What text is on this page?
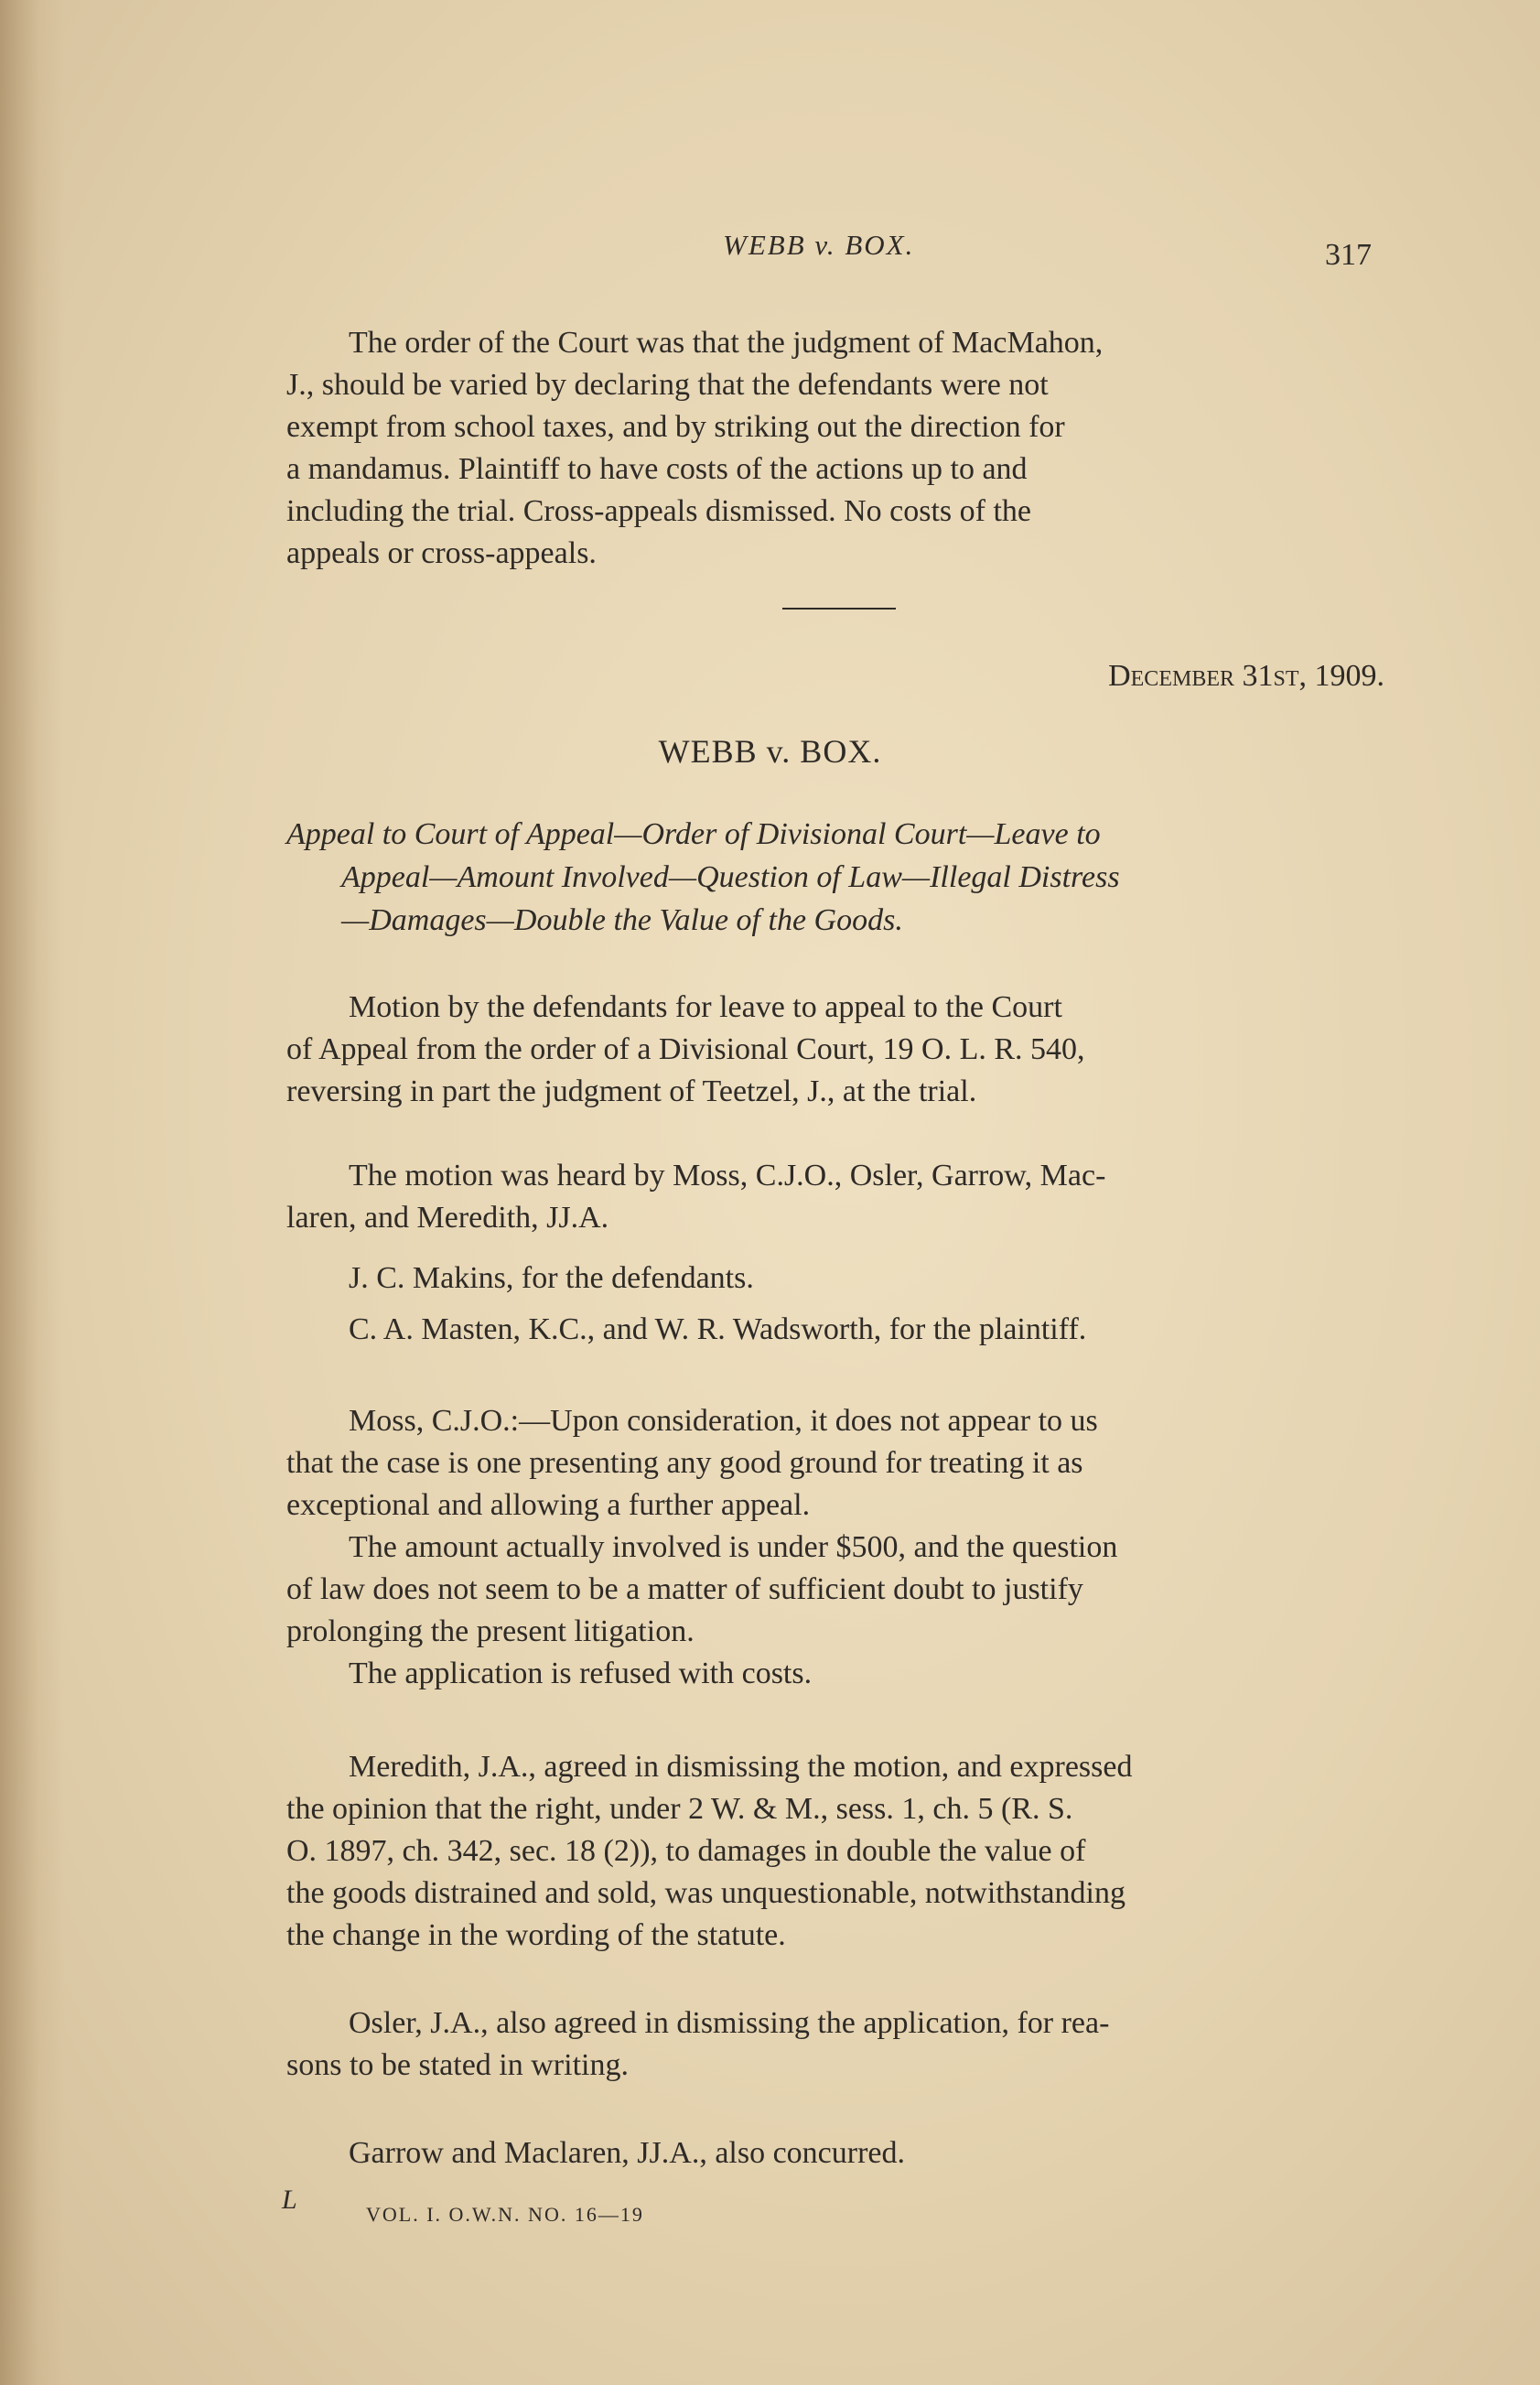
WEBB v. BOX.	317
The order of the Court was that the judgment of MacMahon,
J., should be varied by declaring that the defendants were not
exempt from school taxes, and by striking out the direction for
a mandamus. Plaintiff to have costs of the actions up to and
including the trial. Cross-appeals dismissed. No costs of the
appeals or cross-appeals.
December 31st, 1909.
WEBB v. BOX.
Appeal to Court of Appeal—Order of Divisional Court—Leave to
Appeal—Amount Involved—Question of Law—Illegal Distress
—Damages—Double the Value of the Goods.
Motion by the defendants for leave to appeal to the Court
of Appeal from the order of a Divisional Court, 19 O. L. R. 540,
reversing in part the judgment of Teetzel, J., at the trial.
The motion was heard by Moss, C.J.O., Osler, Garrow, Mac-
laren, and Meredith, JJ.A.
J. C. Makins, for the defendants.
C. A. Masten, K.C., and W. R. Wadsworth, for the plaintiff.
Moss, C.J.O.:—Upon consideration, it does not appear to us
that the case is one presenting any good ground for treating it as
exceptional and allowing a further appeal.
The amount actually involved is under $500, and the question
of law does not seem to be a matter of sufficient doubt to justify
prolonging the present litigation.
The application is refused with costs.
Meredith, J.A., agreed in dismissing the motion, and expressed
the opinion that the right, under 2 W. & M., sess. 1, ch. 5 (R. S.
O. 1897, ch. 342, sec. 18 (2)), to damages in double the value of
the goods distrained and sold, was unquestionable, notwithstanding
the change in the wording of the statute.
Osler, J.A., also agreed in dismissing the application, for rea-
sons to be stated in writing.
Garrow and Maclaren, JJ.A., also concurred.
L	VOL. I. O.W.N. NO. 16—19
